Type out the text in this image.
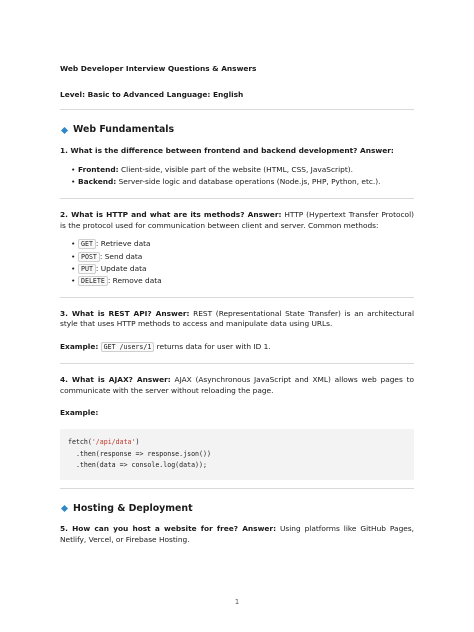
Web Developer Interview Questions & Answers

Level: Basic to Advanced Language: English

Web Fundamentals

1. What is the difference between frontend and backend development? Answer:

• Frontend: Client-side, visible part of the website (HTML, CSS, JavaScript).
• Backend: Server-side logic and database operations (Node.js, PHP, Python, etc.).

2. What is HTTP and what are its methods? Answer: HTTP (Hypertext Transfer Protocol) is the protocol used for communication between client and server. Common methods:

• GET : Retrieve data
• POST : Send data
• PUT : Update data
• DELETE : Remove data

3. What is REST API? Answer: REST (Representational State Transfer) is an architectural style that uses HTTP methods to access and manipulate data using URLs.

Example: GET /users/1 returns data for user with ID 1.

4. What is AJAX? Answer: AJAX (Asynchronous JavaScript and XML) allows web pages to communicate with the server without reloading the page.

Example:

fetch('/api/data')
.then(response => response.json())
.then(data => console.log(data));
Hosting & Deployment

5. How can you host a website for free? Answer: Using platforms like GitHub Pages, Netlify, Vercel, or Firebase Hosting.

1
